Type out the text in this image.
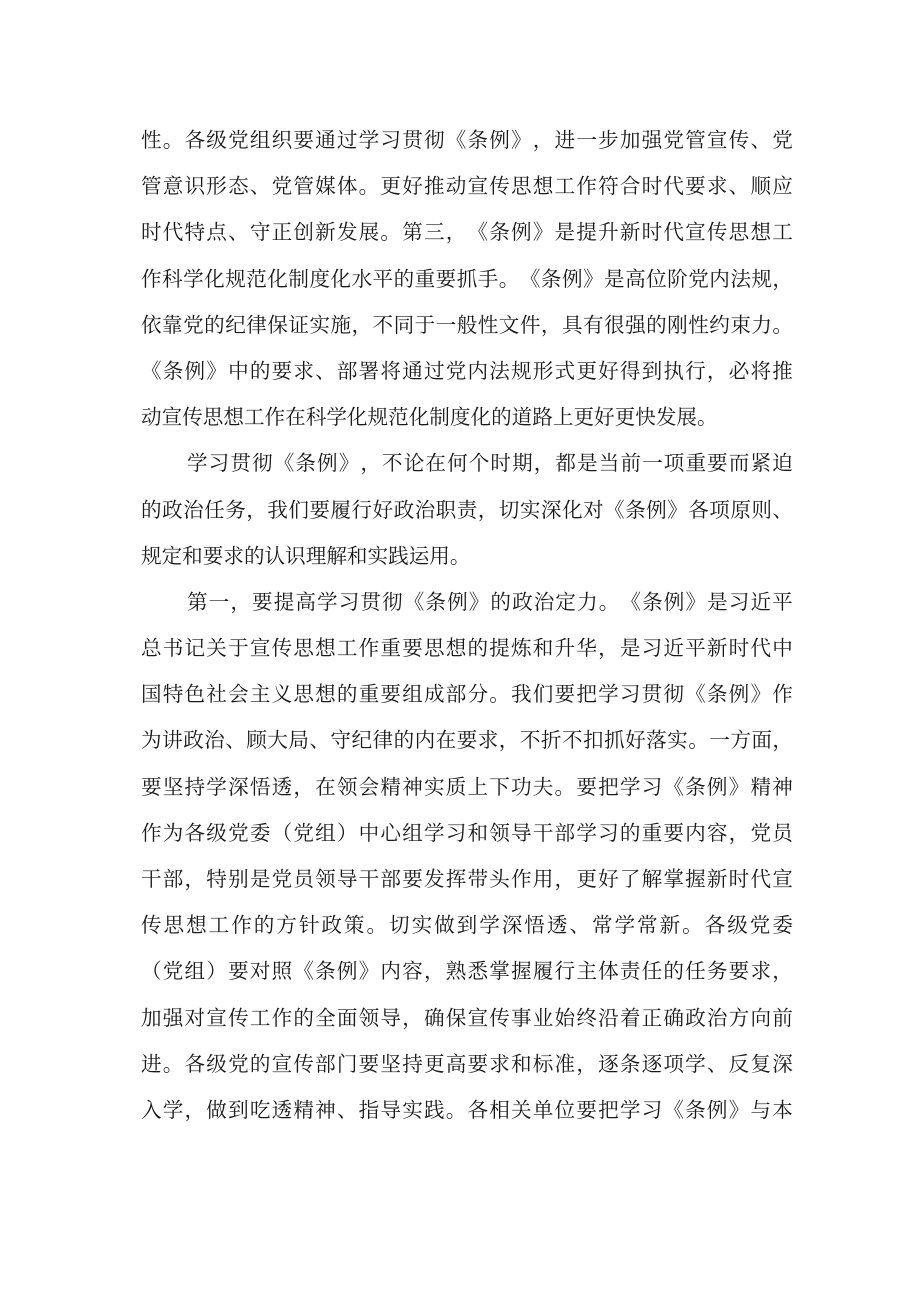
性 。 各 级 党 组 织 要 通 过 学 习 贯 彻 《 条 例 》 ， 进 一 步 加 强 党 管 宣 传 、 党
管 意 识 形 态 、 党 管 媒 体 。 更 好 推 动 宣 传 思 想 工 作 符 合 时 代 要 求 、 顺 应
时 代 特 点 、 守 正 创 新 发 展 。 第 三 ， 《 条 例 》 是 提 升 新 时 代 宣 传 思 想 工
作 科 学 化 规 范 化 制 度 化 水 平 的 重 要 抓 手 。 《 条 例 》 是 高 位 阶 党 内 法 规 ，
依 靠 党 的 纪 律 保 证 实 施 ， 不 同 于 一 般 性 文 件 ， 具 有 很 强 的 刚 性 约 束 力 。
《 条 例 》 中 的 要 求 、 部 署 将 通 过 党 内 法 规 形 式 更 好 得 到 执 行 ， 必 将 推
动宣传思想工作在科学化规范化制度化的道路上更好更快发展。
学 习 贯 彻 《 条 例 》 ， 不 论 在 何 个 时 期 ， 都 是 当 前 一 项 重 要 而 紧 迫
的 政 治 任 务 ， 我 们 要 履 行 好 政 治 职 责 ， 切 实 深 化 对 《 条 例 》 各 项 原 则 、
规定和要求的认识理解和实践运用。
第 一 ， 要 提 高 学 习 贯 彻 《 条 例 》 的 政 治 定 力 。 《 条 例 》 是 习 近 平
总 书 记 关 于 宣 传 思 想 工 作 重 要 思 想 的 提 炼 和 升 华 ， 是 习 近 平 新 时 代 中
国 特 色 社 会 主 义 思 想 的 重 要 组 成 部 分 。 我 们 要 把 学 习 贯 彻 《 条 例 》 作
为 讲 政 治 、 顾 大 局 、 守 纪 律 的 内 在 要 求 ， 不 折 不 扣 抓 好 落 实 。 一 方 面 ，
要 坚 持 学 深 悟 透 ， 在 领 会 精 神 实 质 上 下 功 夫 。 要 把 学 习 《 条 例 》 精 神
作 为 各 级 党 委 （ 党 组 ） 中 心 组 学 习 和 领 导 干 部 学 习 的 重 要 内 容 ， 党 员
干 部 ， 特 别 是 党 员 领 导 干 部 要 发 挥 带 头 作 用 ， 更 好 了 解 掌 握 新 时 代 宣
传 思 想 工 作 的 方 针 政 策 。 切 实 做 到 学 深 悟 透 、 常 学 常 新 。 各 级 党 委
（ 党 组 ） 要 对 照 《 条 例 》 内 容 ， 熟 悉 掌 握 履 行 主 体 责 任 的 任 务 要 求 ，
加 强 对 宣 传 工 作 的 全 面 领 导 ， 确 保 宣 传 事 业 始 终 沿 着 正 确 政 治 方 向 前
进 。 各 级 党 的 宣 传 部 门 要 坚 持 更 高 要 求 和 标 准 ， 逐 条 逐 项 学 、 反 复 深
入 学 ， 做 到 吃 透 精 神 、 指 导 实 践 。 各 相 关 单 位 要 把 学 习 《 条 例 》 与 本
